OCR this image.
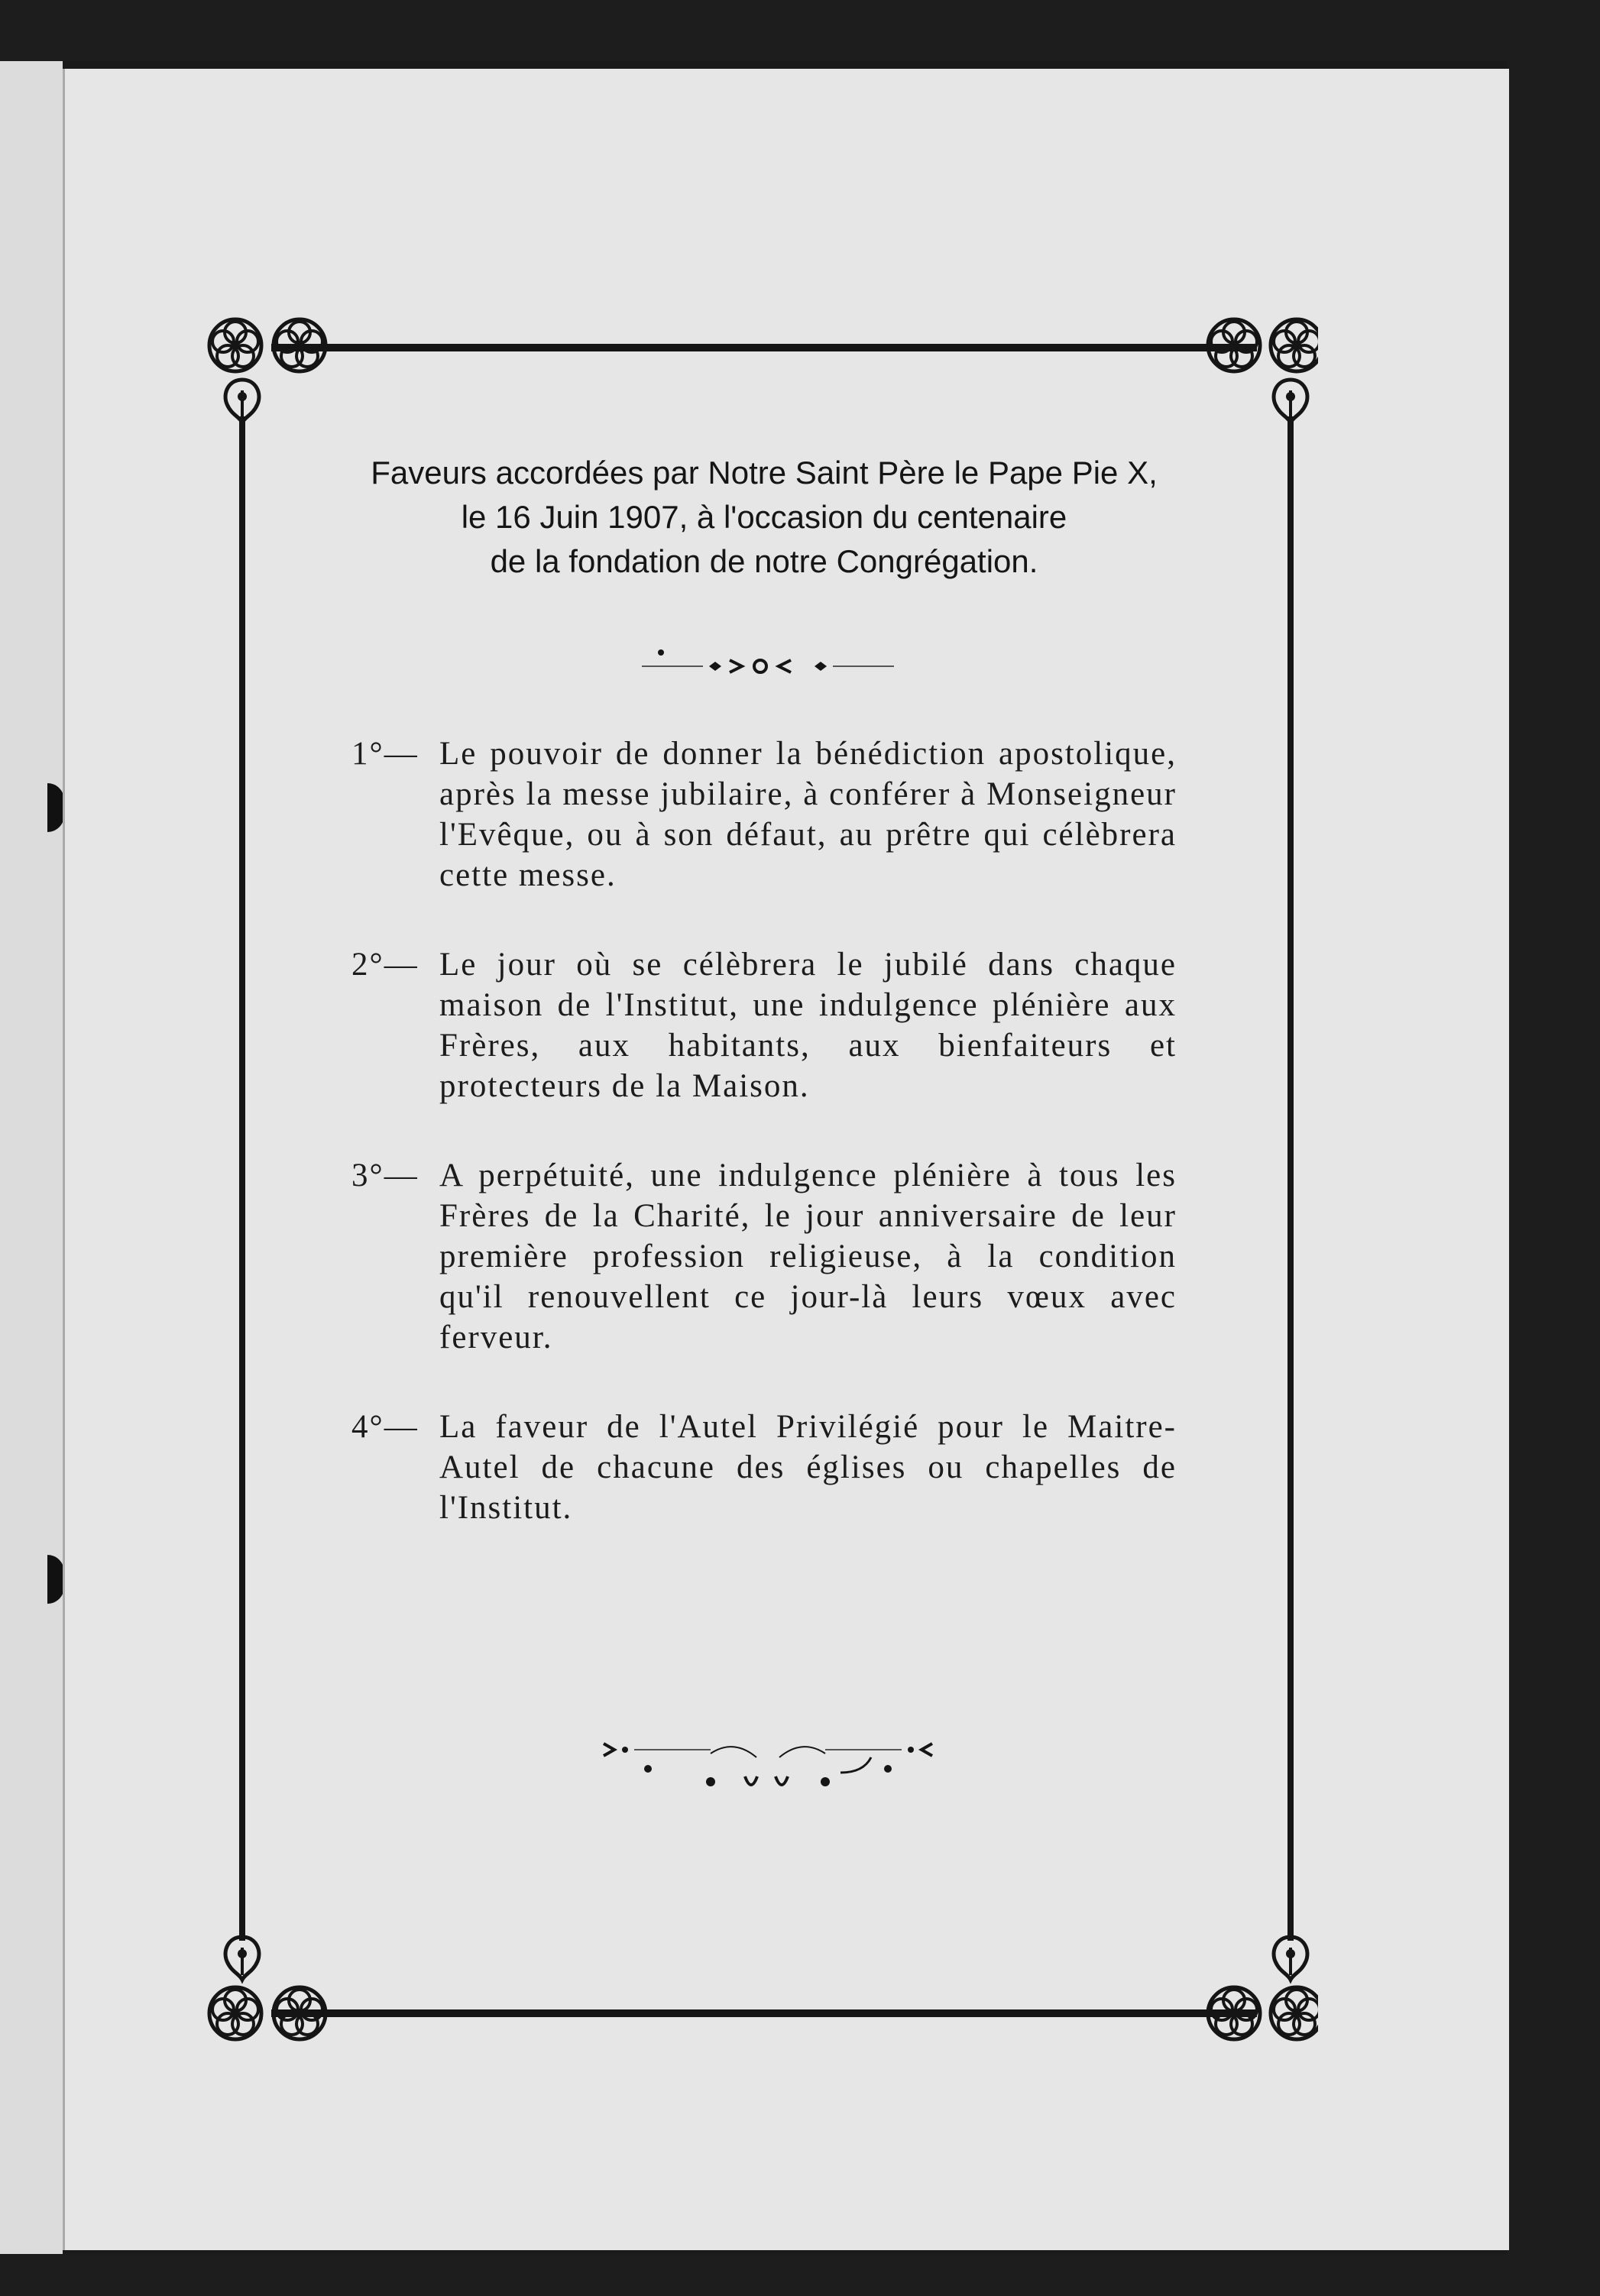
Faveurs accordées par Notre Saint Père le Pape Pie X,
le 16 Juin 1907, à l'occasion du centenaire
de la fondation de notre Congrégation.
1°— Le pouvoir de donner la bénédiction apostolique, après la messe jubilaire, à conférer à Monseigneur l'Evêque, ou à son défaut, au prêtre qui célèbrera cette messe.
2°— Le jour où se célèbrera le jubilé dans chaque maison de l'Institut, une indulgence plénière aux Frères, aux habitants, aux bienfaiteurs et protecteurs de la Maison.
3°— A perpétuité, une indulgence plénière à tous les Frères de la Charité, le jour anniversaire de leur première profession religieuse, à la condition qu'il renouvellent ce jour-là leurs vœux avec ferveur.
4°— La faveur de l'Autel Privilégié pour le Maitre-Autel de chacune des églises ou chapelles de l'Institut.
